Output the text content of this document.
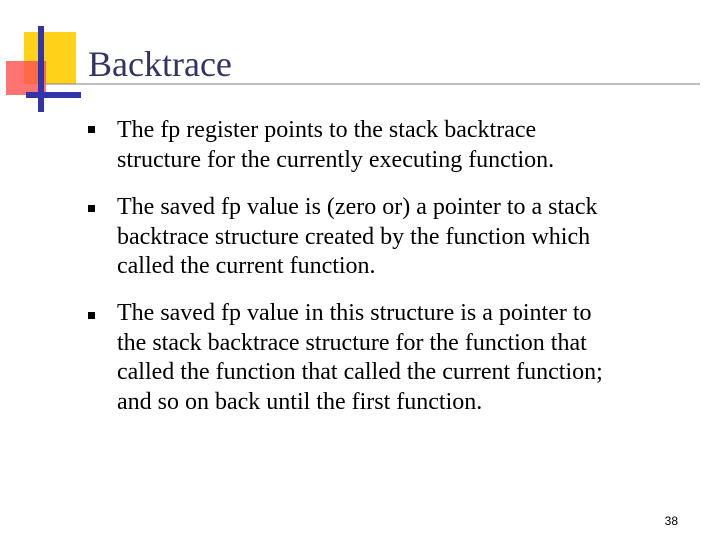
Backtrace
The fp register points to the stack backtrace
structure for the currently executing function.
The saved fp value is (zero or) a pointer to a stack
backtrace structure created by the function which
called the current function.
The saved fp value in this structure is a pointer to
the stack backtrace structure for the function that
called the function that called the current function;
and so on back until the first function.
38
